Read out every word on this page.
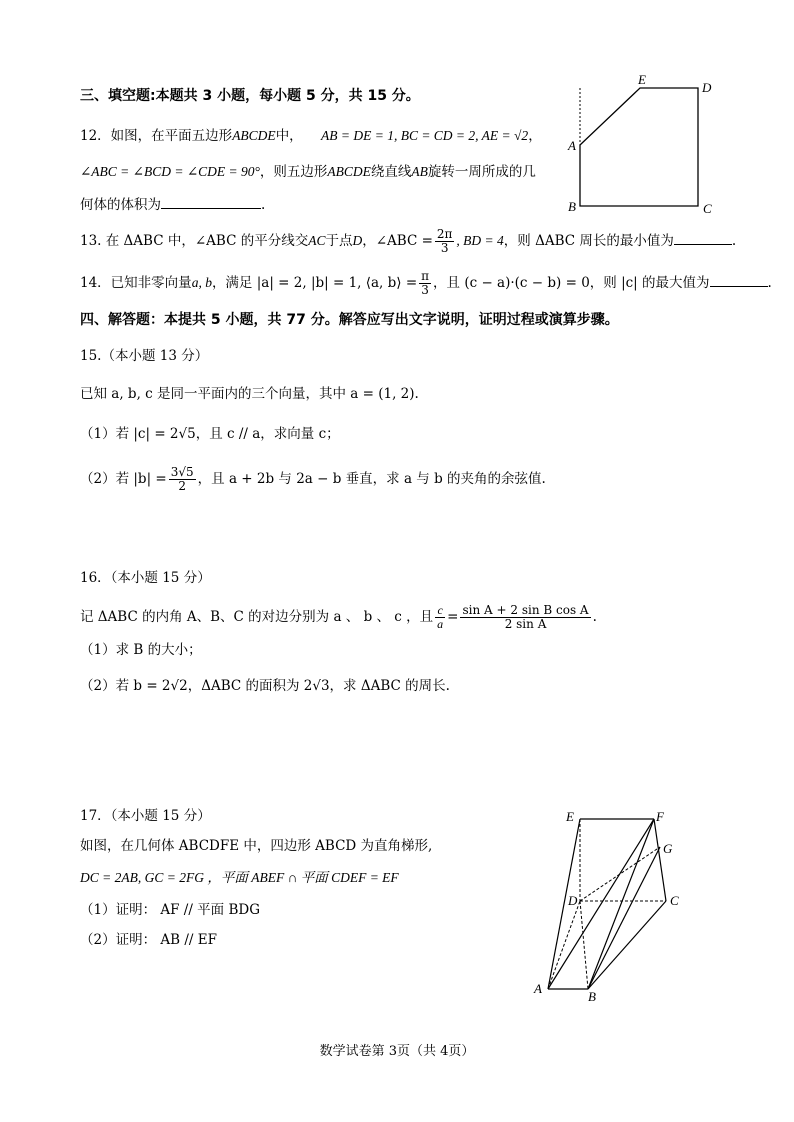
三、填空题:本题共 3 小题，每小题 5 分，共 15 分。
12．如图，在平面五边形ABCDE中， AB = DE = 1, BC = CD = 2, AE = √2，
∠ABC = ∠BCD = ∠CDE = 90°，则五边形ABCDE绕直线AB旋转一周所成的几
何体的体积为	.
A
B	C
D
E
13. 在 ΔABC 中，∠ABC 的平分线交AC于点D，∠ABC = $\frac{2\pi}{3}$ , BD = 4，则 ΔABC 周长的最小值为	.
14．已知非零向量a, b，满足 |a| = 2, |b| = 1, ⟨a, b⟩ = $\frac{\pi}{3}$ ，且 (c − a)·(c − b) = 0，则 |c| 的最大值为	.
四、解答题：本提共 5 小题，共 77 分。解答应写出文字说明，证明过程或演算步骤。
15.（本小题 13 分）
已知 a, b, c 是同一平面内的三个向量，其中 a = (1, 2).
（1）若 |c| = 2√5，且 c // a，求向量 c；
（2）若 $|b| = \frac{3√5}{2}$ ，且 a + 2b 与 2a − b 垂直，求 a 与 b 的夹角的余弦值.
16．（本小题 15 分）
记 ΔABC 的内角 A、B、C 的对边分别为 a 、 b 、 c ，且 $\frac{c}{a} = \frac{\text{sin A + 2 sin B cos A}}{\text{2 sin A}}$ .
（1）求 B 的大小；
（2）若 b = 2√2，ΔABC 的面积为 2√3，求 ΔABC 的周长.
17．（本小题 15 分）
如图，在几何体 ABCDFE 中，四边形 ABCD 为直角梯形,
DC = 2AB, GC = 2FG ，平面 ABEF ∩ 平面 CDEF = EF
（1）证明： AF // 平面 BDG
（2）证明： AB // EF
A
B
C
D
E	F
G
数学试卷第 3页（共 4页）
